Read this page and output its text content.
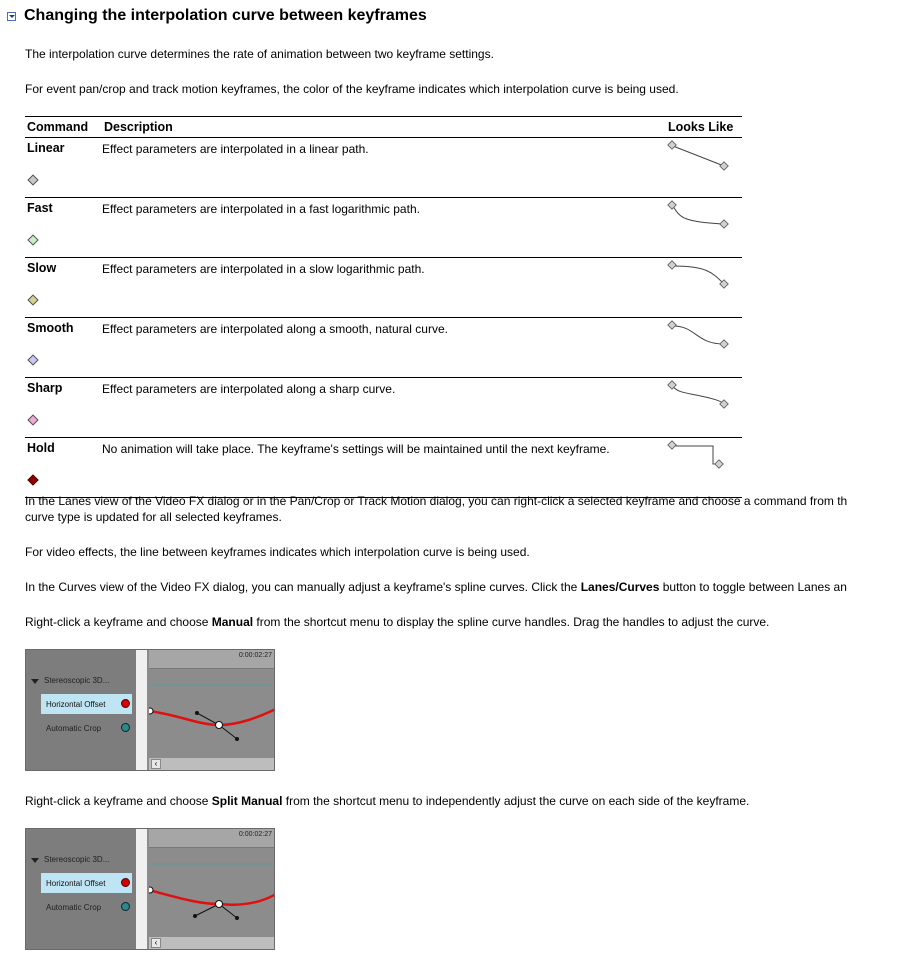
Changing the interpolation curve between keyframes

The interpolation curve determines the rate of animation between two keyframe settings.

For event pan/crop and track motion keyframes, the color of the keyframe indicates which interpolation curve is being used.

Command	Description	Looks Like

Linear	Effect parameters are interpolated in a linear path.	

Fast	Effect parameters are interpolated in a fast logarithmic path.	

Slow	Effect parameters are interpolated in a slow logarithmic path.	

Smooth	Effect parameters are interpolated along a smooth, natural curve.	

Sharp	Effect parameters are interpolated along a sharp curve.	

Hold	No animation will take place. The keyframe's settings will be maintained until the next keyframe.	

In the Lanes view of the Video FX dialog or in the Pan/Crop or Track Motion dialog, you can right-click a selected keyframe and choose a command from th

curve type is updated for all selected keyframes.

For video effects, the line between keyframes indicates which interpolation curve is being used.

In the Curves view of the Video FX dialog, you can manually adjust a keyframe's spline curves. Click the Lanes/Curves button to toggle between Lanes an

Right-click a keyframe and choose Manual from the shortcut menu to display the spline curve handles. Drag the handles to adjust the curve.

Stereoscopic 3D...
Horizontal Offset
Automatic Crop
0:00:02:27
‹

Right-click a keyframe and choose Split Manual from the shortcut menu to independently adjust the curve on each side of the keyframe.

Stereoscopic 3D...
Horizontal Offset
Automatic Crop
0:00:02:27
‹
